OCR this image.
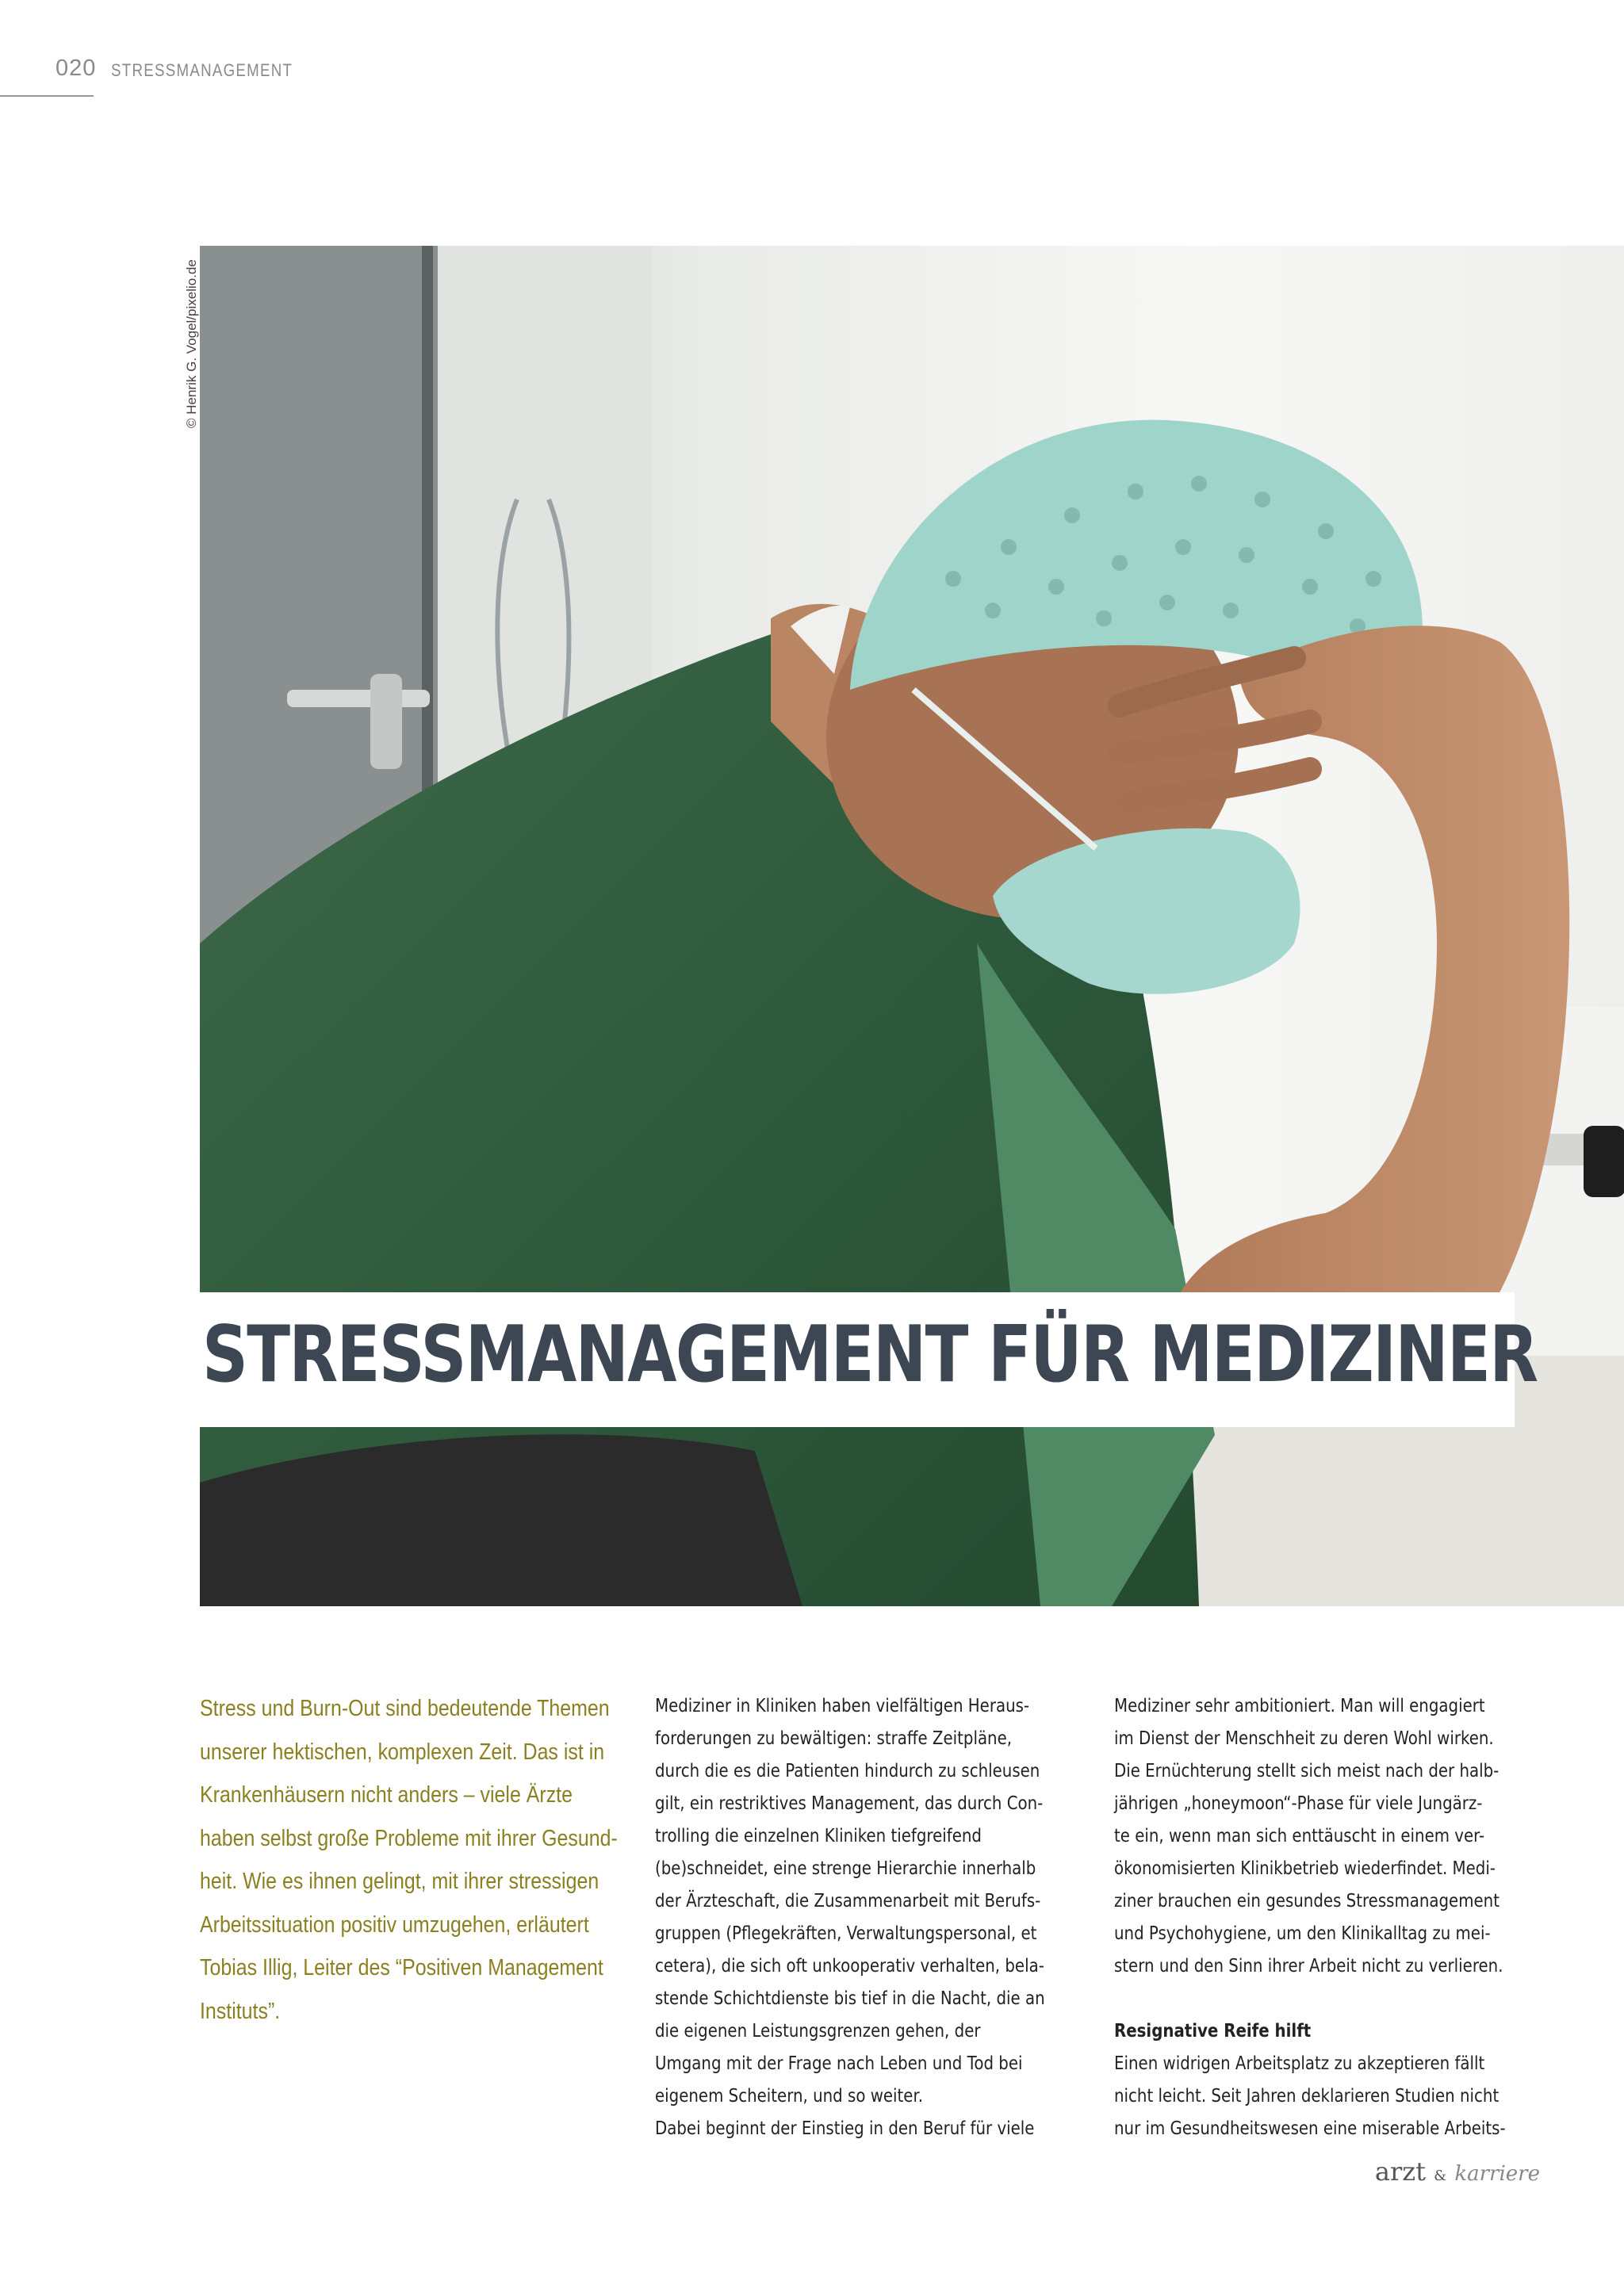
020 STRESSMANAGEMENT
© Henrik G. Vogel/pixelio.de
STRESSMANAGEMENT FÜR MEDIZINER
Stress und Burn-Out sind bedeutende Themen
unserer hektischen, komplexen Zeit. Das ist in
Krankenhäusern nicht anders – viele Ärzte
haben selbst große Probleme mit ihrer Gesund-
heit. Wie es ihnen gelingt, mit ihrer stressigen
Arbeitssituation positiv umzugehen, erläutert
Tobias Illig, Leiter des “Positiven Management
Instituts”.
Mediziner in Kliniken haben vielfältigen Heraus-
forderungen zu bewältigen: straffe Zeitpläne,
durch die es die Patienten hindurch zu schleusen
gilt, ein restriktives Management, das durch Con-
trolling die einzelnen Kliniken tiefgreifend
(be)schneidet, eine strenge Hierarchie innerhalb
der Ärzteschaft, die Zusammenarbeit mit Berufs-
gruppen (Pflegekräften, Verwaltungspersonal, et
cetera), die sich oft unkooperativ verhalten, bela-
stende Schichtdienste bis tief in die Nacht, die an
die eigenen Leistungsgrenzen gehen, der
Umgang mit der Frage nach Leben und Tod bei
eigenem Scheitern, und so weiter.
Dabei beginnt der Einstieg in den Beruf für viele
Mediziner sehr ambitioniert. Man will engagiert
im Dienst der Menschheit zu deren Wohl wirken.
Die Ernüchterung stellt sich meist nach der halb-
jährigen „honeymoon“-Phase für viele Jungärz-
te ein, wenn man sich enttäuscht in einem ver-
ökonomisierten Klinikbetrieb wiederfindet. Medi-
ziner brauchen ein gesundes Stressmanagement
und Psychohygiene, um den Klinikalltag zu mei-
stern und den Sinn ihrer Arbeit nicht zu verlieren.
Resignative Reife hilft
Einen widrigen Arbeitsplatz zu akzeptieren fällt
nicht leicht. Seit Jahren deklarieren Studien nicht
nur im Gesundheitswesen eine miserable Arbeits-
arzt & karriere
